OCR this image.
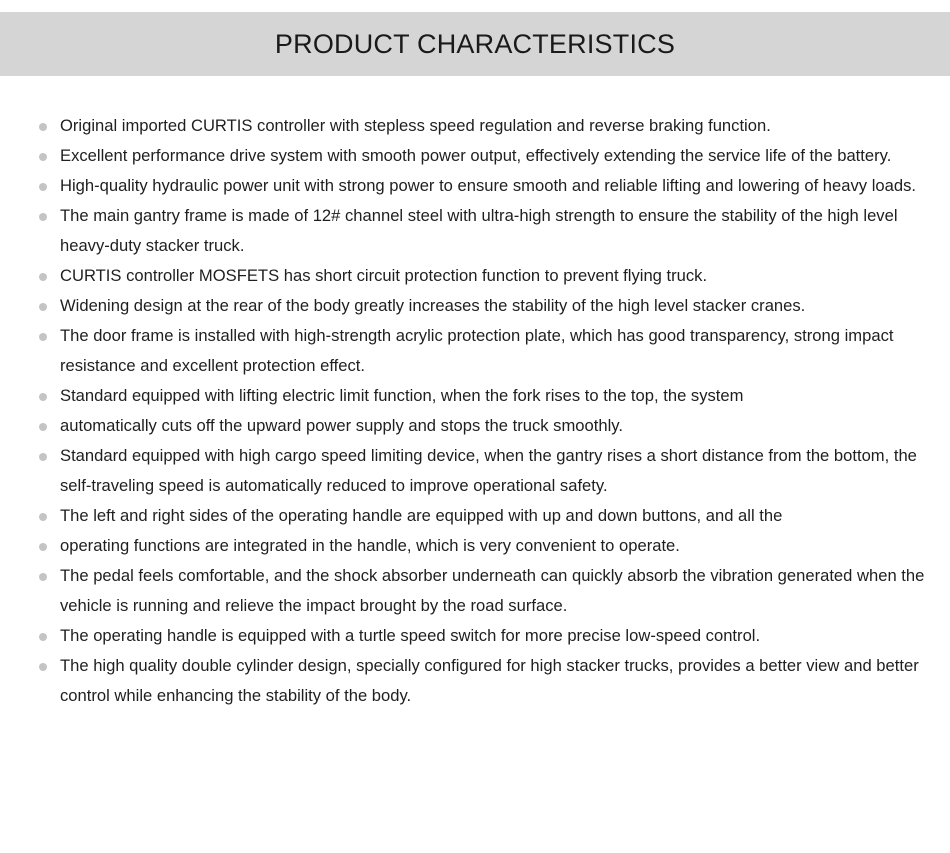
PRODUCT CHARACTERISTICS
Original imported CURTIS controller with stepless speed regulation and reverse braking function.
Excellent performance drive system with smooth power output, effectively extending the service life of the battery.
High-quality hydraulic power unit with strong power to ensure smooth and reliable lifting and lowering of heavy loads.
The main gantry frame is made of 12# channel steel with ultra-high strength to ensure the stability of the high level heavy-duty stacker truck.
CURTIS controller MOSFETS has short circuit protection function to prevent flying truck.
Widening design at the rear of the body greatly increases the stability of the high level stacker cranes.
The door frame is installed with high-strength acrylic protection plate, which has good transparency, strong impact resistance and excellent protection effect.
Standard equipped with lifting electric limit function, when the fork rises to the top, the system
automatically cuts off the upward power supply and stops the truck smoothly.
Standard equipped with high cargo speed limiting device, when the gantry rises a short distance from the bottom, the self-traveling speed is automatically reduced to improve operational safety.
The left and right sides of the operating handle are equipped with up and down buttons, and all the
operating functions are integrated in the handle, which is very convenient to operate.
The pedal feels comfortable, and the shock absorber underneath can quickly absorb the vibration generated when the vehicle is running and relieve the impact brought by the road surface.
The operating handle is equipped with a turtle speed switch for more precise low-speed control.
The high quality double cylinder design, specially configured for high stacker trucks, provides a better view and better control while enhancing the stability of the body.
